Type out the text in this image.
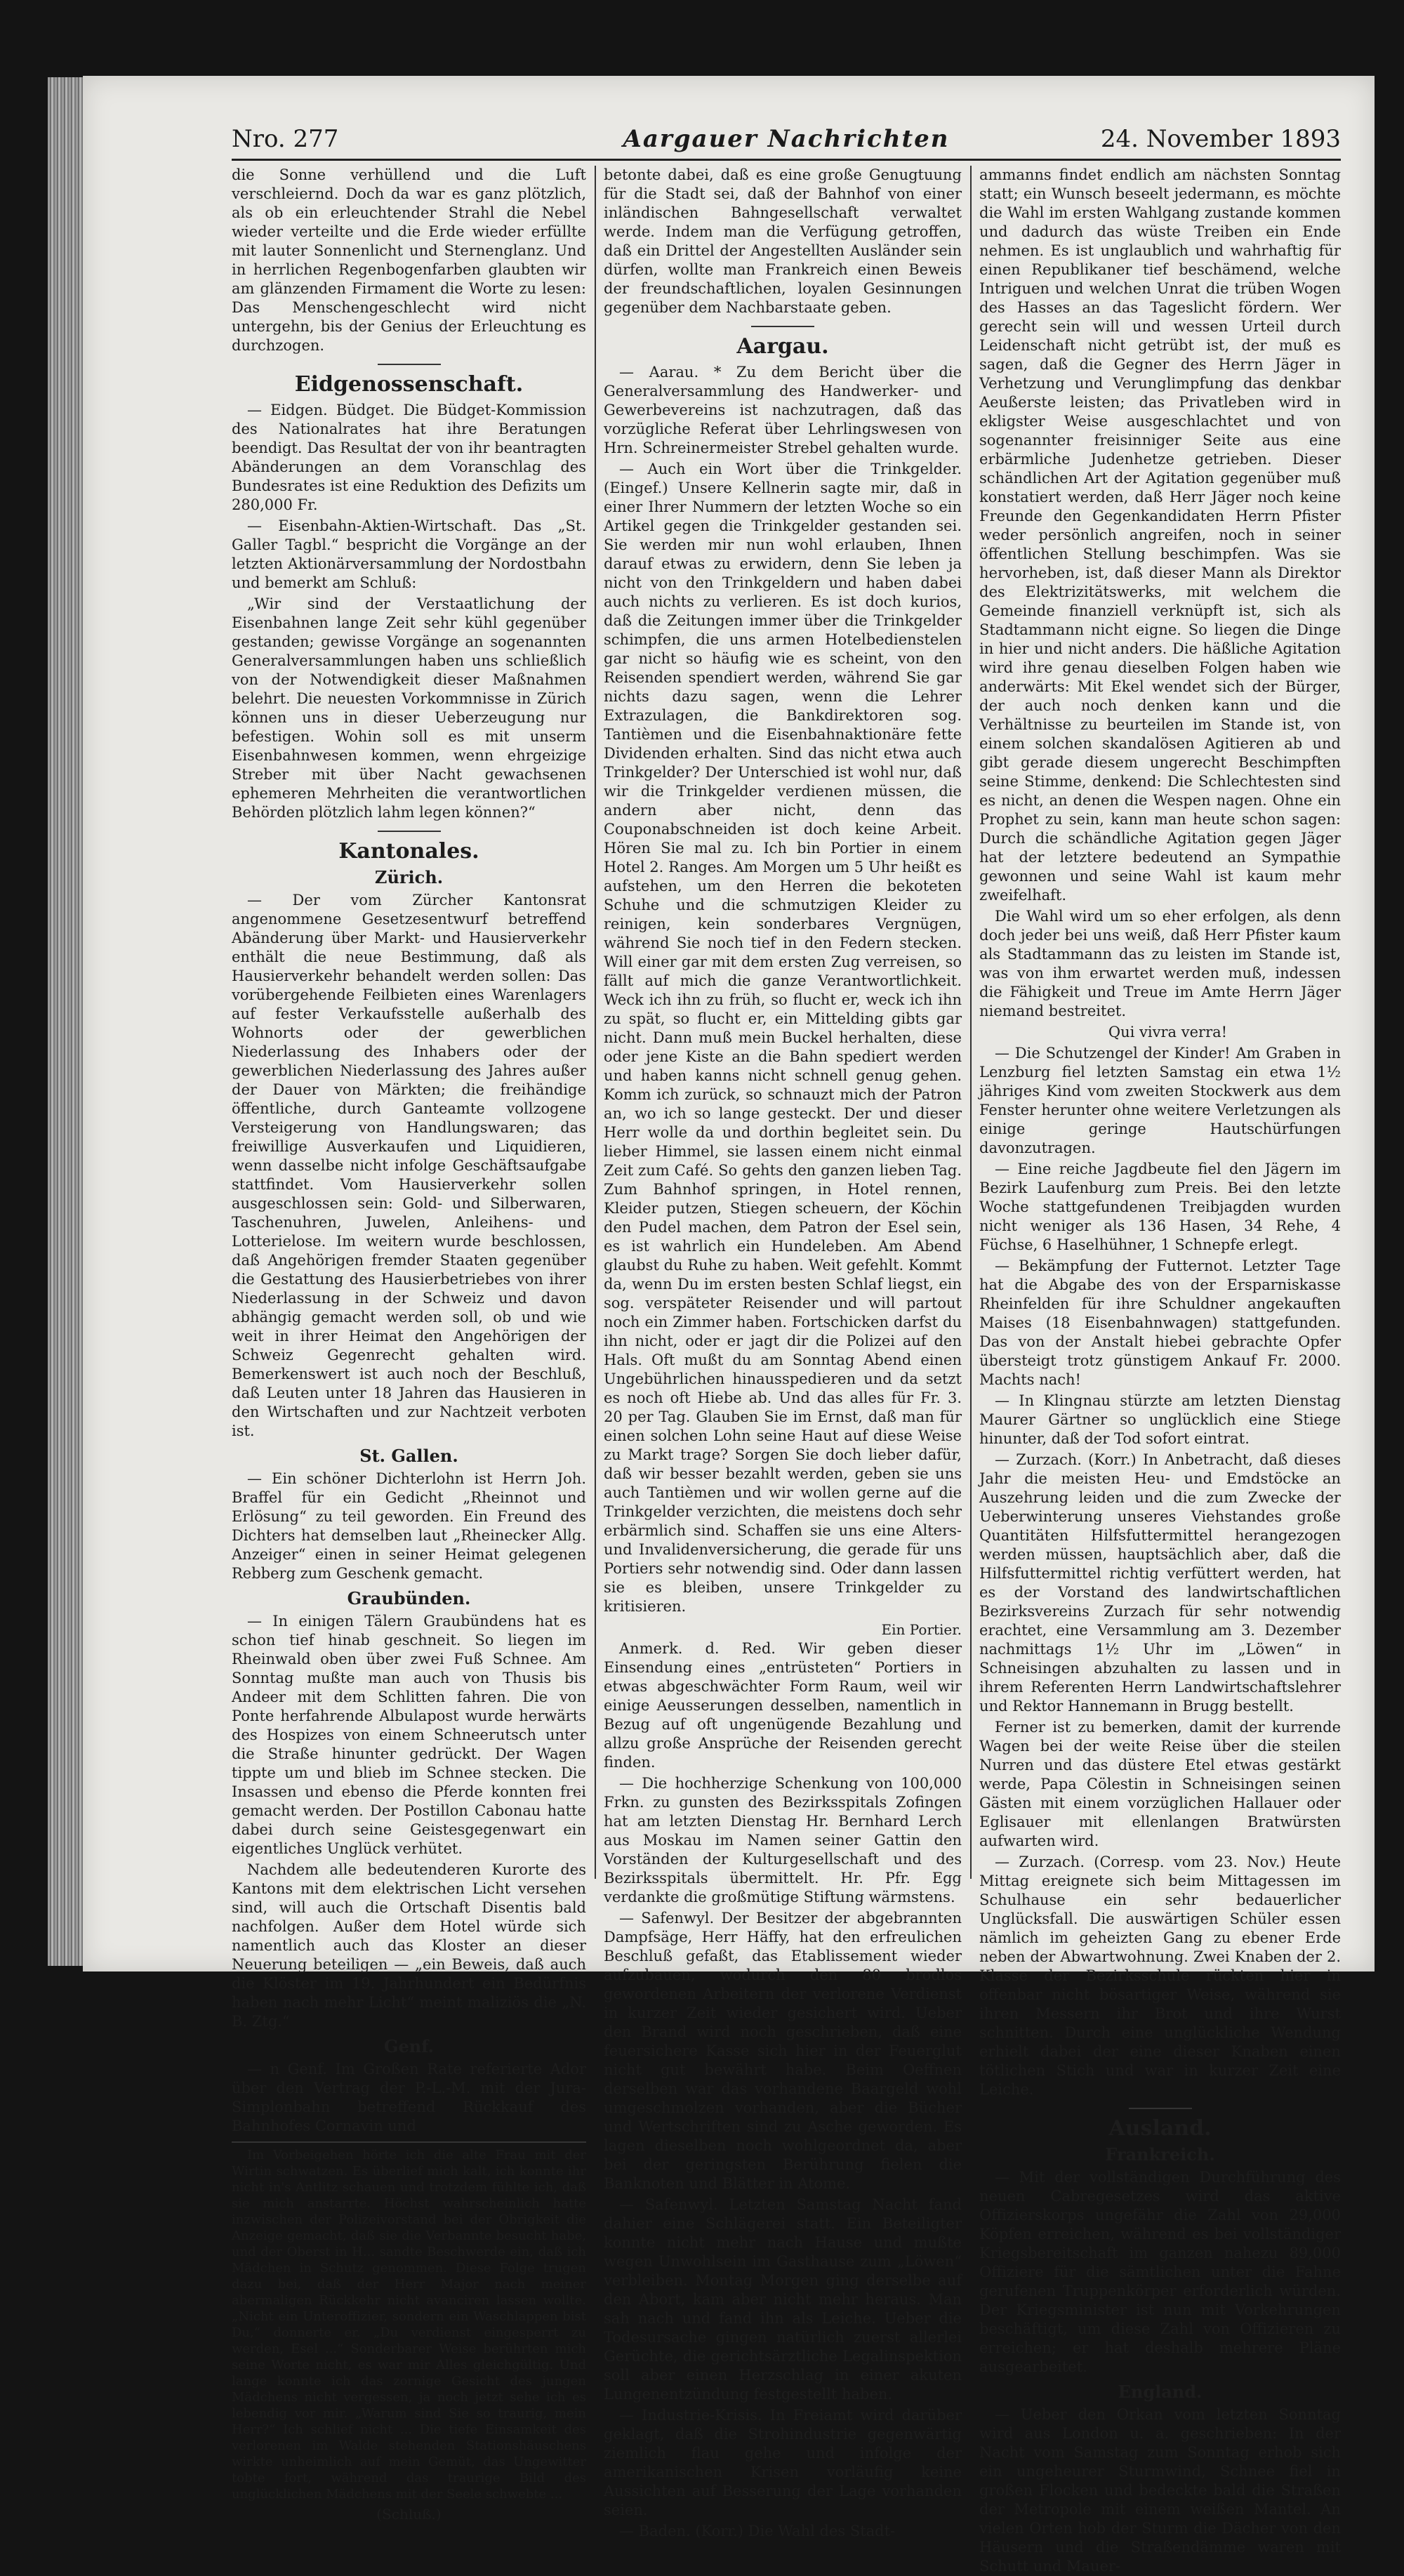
Nro. 277	Aargauer Nachrichten	24. November 1893

die Sonne verhüllend und die Luft verschleiernd. Doch da war es ganz plötzlich, als ob ein erleuchtender Strahl die Nebel wieder verteilte und die Erde wieder erfüllte mit lauter Sonnenlicht und Sternenglanz. Und in herrlichen Regenbogenfarben glaubten wir am glänzenden Firmament die Worte zu lesen: Das Menschengeschlecht wird nicht untergehn, bis der Genius der Erleuchtung es durchzogen.

Eidgenossenschaft.

— Eidgen. Büdget. Die Büdget-Kommission des Nationalrates hat ihre Beratungen beendigt. Das Resultat der von ihr beantragten Abänderungen an dem Voranschlag des Bundesrates ist eine Reduktion des Defizits um 280,000 Fr.

— Eisenbahn-Aktien-Wirtschaft. Das „St. Galler Tagbl.“ bespricht die Vorgänge an der letzten Aktionärversammlung der Nordostbahn und bemerkt am Schluß:

„Wir sind der Verstaatlichung der Eisenbahnen lange Zeit sehr kühl gegenüber gestanden; gewisse Vorgänge an sogenannten Generalversammlungen haben uns schließlich von der Notwendigkeit dieser Maßnahmen belehrt. Die neuesten Vorkommnisse in Zürich können uns in dieser Ueberzeugung nur befestigen. Wohin soll es mit unserm Eisenbahnwesen kommen, wenn ehrgeizige Streber mit über Nacht gewachsenen ephemeren Mehrheiten die verantwortlichen Behörden plötzlich lahm legen können?“

Kantonales.
Zürich.

— Der vom Zürcher Kantonsrat angenommene Gesetzesentwurf betreffend Abänderung über Markt- und Hausierverkehr enthält die neue Bestimmung, daß als Hausierverkehr behandelt werden sollen: Das vorübergehende Feilbieten eines Warenlagers auf fester Verkaufsstelle außerhalb des Wohnorts oder der gewerblichen Niederlassung des Inhabers oder der gewerblichen Niederlassung des Jahres außer der Dauer von Märkten; die freihändige öffentliche, durch Ganteamte vollzogene Versteigerung von Handlungswaren; das freiwillige Ausverkaufen und Liquidieren, wenn dasselbe nicht infolge Geschäftsaufgabe stattfindet. Vom Hausierverkehr sollen ausgeschlossen sein: Gold- und Silberwaren, Taschenuhren, Juwelen, Anleihens- und Lotterielose. Im weitern wurde beschlossen, daß Angehörigen fremder Staaten gegenüber die Gestattung des Hausierbetriebes von ihrer Niederlassung in der Schweiz und davon abhängig gemacht werden soll, ob und wie weit in ihrer Heimat den Angehörigen der Schweiz Gegenrecht gehalten wird. Bemerkenswert ist auch noch der Beschluß, daß Leuten unter 18 Jahren das Hausieren in den Wirtschaften und zur Nachtzeit verboten ist.

St. Gallen.

— Ein schöner Dichterlohn ist Herrn Joh. Braffel für ein Gedicht „Rheinnot und Erlösung“ zu teil geworden. Ein Freund des Dichters hat demselben laut „Rheinecker Allg. Anzeiger“ einen in seiner Heimat gelegenen Rebberg zum Geschenk gemacht.

Graubünden.

— In einigen Tälern Graubündens hat es schon tief hinab geschneit. So liegen im Rheinwald oben über zwei Fuß Schnee. Am Sonntag mußte man auch von Thusis bis Andeer mit dem Schlitten fahren. Die von Ponte herfahrende Albulapost wurde herwärts des Hospizes von einem Schneerutsch unter die Straße hinunter gedrückt. Der Wagen tippte um und blieb im Schnee stecken. Die Insassen und ebenso die Pferde konnten frei gemacht werden. Der Postillon Cabonau hatte dabei durch seine Geistesgegenwart ein eigentliches Unglück verhütet.

Nachdem alle bedeutenderen Kurorte des Kantons mit dem elektrischen Licht versehen sind, will auch die Ortschaft Disentis bald nachfolgen. Außer dem Hotel würde sich namentlich auch das Kloster an dieser Neuerung beteiligen — „ein Beweis, daß auch die Klöster im 19. Jahrhundert ein Bedürfnis haben nach mehr Licht“ meint maliziös die „N. B. Ztg.“

Genf.

— n Genf. Im Großen Rate referierte Ador über den Vertrag der P.-L.-M. mit der Jura-Simplonbahn betreffend Rückkauf des Bahnhofes Cornavin und

Im Vorbeigehen hörte ich die alte Frau mit der Wirtin schwatzen. Es überlief mich kalt, ich konnte ihr nicht in's Antlitz schauen und trotzdem fühlte ich, daß sie mich anstarrte. Höchst wahrscheinlich hatte inzwischen der Polizeivorstand bei der Obrigkeit die Anzeige gemacht, daß sie die Verbannte besucht habe, und der Oberst in H... sandte Beschwerde ein, daß ich Mädchen in Schutz genommen. Diese Folge trugen dazu bei, daß der Herr Major nach meiner abermaligen Rückkehr nicht avanciren lassen wollte. „Nicht ein Unteroffizier, sondern ein Waschlappen bist Du,“ donnerte er. „Du verdienst eingesperrt zu werden, Esel ...“ Sonderbarer Weise berührten mich seine Worte nicht, es war mir Alles gleichgültig. Und lange konnte ich das zornige Gesicht des jungen Mädchens nicht vergessen, ja noch jetzt sehe ich es lebendig vor mir. „Warum sind Sie so traurig, mein Herr?“ Ich schlief nicht ... Die tiefe Einsamkeit des verlorenen im Walde stehenden Stationshäuschens wirkte unheimlich auf mein Gemüt, das Ungewitter tobte fort, während das traurige Bild des unglücklichen Mädchens mit der Seele schwebte ...

(Schluß.)

betonte dabei, daß es eine große Genugtuung für die Stadt sei, daß der Bahnhof von einer inländischen Bahngesellschaft verwaltet werde. Indem man die Verfügung getroffen, daß ein Drittel der Angestellten Ausländer sein dürfen, wollte man Frankreich einen Beweis der freundschaftlichen, loyalen Gesinnungen gegenüber dem Nachbarstaate geben.

Aargau.

— Aarau. * Zu dem Bericht über die Generalversammlung des Handwerker- und Gewerbevereins ist nachzutragen, daß das vorzügliche Referat über Lehrlingswesen von Hrn. Schreinermeister Strebel gehalten wurde.

— Auch ein Wort über die Trinkgelder. (Eingef.) Unsere Kellnerin sagte mir, daß in einer Ihrer Nummern der letzten Woche so ein Artikel gegen die Trinkgelder gestanden sei. Sie werden mir nun wohl erlauben, Ihnen darauf etwas zu erwidern, denn Sie leben ja nicht von den Trinkgeldern und haben dabei auch nichts zu verlieren. Es ist doch kurios, daß die Zeitungen immer über die Trinkgelder schimpfen, die uns armen Hotelbedienstelen gar nicht so häufig wie es scheint, von den Reisenden spendiert werden, während Sie gar nichts dazu sagen, wenn die Lehrer Extrazulagen, die Bankdirektoren sog. Tantièmen und die Eisenbahnaktionäre fette Dividenden erhalten. Sind das nicht etwa auch Trinkgelder? Der Unterschied ist wohl nur, daß wir die Trinkgelder verdienen müssen, die andern aber nicht, denn das Couponabschneiden ist doch keine Arbeit. Hören Sie mal zu. Ich bin Portier in einem Hotel 2. Ranges. Am Morgen um 5 Uhr heißt es aufstehen, um den Herren die bekoteten Schuhe und die schmutzigen Kleider zu reinigen, kein sonderbares Vergnügen, während Sie noch tief in den Federn stecken. Will einer gar mit dem ersten Zug verreisen, so fällt auf mich die ganze Verantwortlichkeit. Weck ich ihn zu früh, so flucht er, weck ich ihn zu spät, so flucht er, ein Mittelding gibts gar nicht. Dann muß mein Buckel herhalten, diese oder jene Kiste an die Bahn spediert werden und haben kanns nicht schnell genug gehen. Komm ich zurück, so schnauzt mich der Patron an, wo ich so lange gesteckt. Der und dieser Herr wolle da und dorthin begleitet sein. Du lieber Himmel, sie lassen einem nicht einmal Zeit zum Café. So gehts den ganzen lieben Tag. Zum Bahnhof springen, in Hotel rennen, Kleider putzen, Stiegen scheuern, der Köchin den Pudel machen, dem Patron der Esel sein, es ist wahrlich ein Hundeleben. Am Abend glaubst du Ruhe zu haben. Weit gefehlt. Kommt da, wenn Du im ersten besten Schlaf liegst, ein sog. verspäteter Reisender und will partout noch ein Zimmer haben. Fortschicken darfst du ihn nicht, oder er jagt dir die Polizei auf den Hals. Oft mußt du am Sonntag Abend einen Ungebührlichen hinausspedieren und da setzt es noch oft Hiebe ab. Und das alles für Fr. 3. 20 per Tag. Glauben Sie im Ernst, daß man für einen solchen Lohn seine Haut auf diese Weise zu Markt trage? Sorgen Sie doch lieber dafür, daß wir besser bezahlt werden, geben sie uns auch Tantièmen und wir wollen gerne auf die Trinkgelder verzichten, die meistens doch sehr erbärmlich sind. Schaffen sie uns eine Alters- und Invalidenversicherung, die gerade für uns Portiers sehr notwendig sind. Oder dann lassen sie es bleiben, unsere Trinkgelder zu kritisieren.

Ein Portier.

Anmerk. d. Red. Wir geben dieser Einsendung eines „entrüsteten“ Portiers in etwas abgeschwächter Form Raum, weil wir einige Aeusserungen desselben, namentlich in Bezug auf oft ungenügende Bezahlung und allzu große Ansprüche der Reisenden gerecht finden.

— Die hochherzige Schenkung von 100,000 Frkn. zu gunsten des Bezirksspitals Zofingen hat am letzten Dienstag Hr. Bernhard Lerch aus Moskau im Namen seiner Gattin den Vorständen der Kulturgesellschaft und des Bezirksspitals übermittelt. Hr. Pfr. Egg verdankte die großmütige Stiftung wärmstens.

— Safenwyl. Der Besitzer der abgebrannten Dampfsäge, Herr Häffy, hat den erfreulichen Beschluß gefaßt, das Etablissement wieder aufzubauen, wodurch den 80 brodlos gewordenen Arbeitern der verlorene Verdienst in kurzer Zeit wieder gesichert wird. Ueber den Brand wird noch geschrieben, daß eine feuersichere Kasse sich hier in der Feuerglut nicht gut bewährt habe. Beim Oeffnen derselben war das vorhandene Baargeld wohl umgeschmolzen vorhanden, aber die Bücher und Wertschriften sind zu Asche geworden. Es lagen dieselben noch wohlgeordnet da, aber bei der geringsten Berührung fielen die Banknoten und Blätter in Atome.

— Safenwyl. Letzten Samstag Nacht fand dahier eine Schlägerei statt. Ein Beteiligter konnte nicht mehr nach Hause und mußte wegen Unwohlsein im Gasthause zum „Löwen“ verbleiben. Montag Morgen ging derselbe auf den Abort, kam aber nicht mehr heraus. Man sah nach und fand ihn als Leiche. Ueber die Todesursache gingen natürlich zuerst allerlei Gerüchte, die gerichtsärztliche Legalinspektion soll aber einen Herzschlag in einer akuten Lungenentzündung festgestellt haben.

— Industrie-Krisis. In Freiamt wird darüber geklagt, daß die Strohindustrie gegenwärtig ziemlich flau gehe und infolge der amerikanischen Krisen vorläufig keine Aussichten auf Besserung der Lage vorhanden seien.

— Baden. (Korr.) Die Wahl des Stadt-

ammanns findet endlich am nächsten Sonntag statt; ein Wunsch beseelt jedermann, es möchte die Wahl im ersten Wahlgang zustande kommen und dadurch das wüste Treiben ein Ende nehmen. Es ist unglaublich und wahrhaftig für einen Republikaner tief beschämend, welche Intriguen und welchen Unrat die trüben Wogen des Hasses an das Tageslicht fördern. Wer gerecht sein will und wessen Urteil durch Leidenschaft nicht getrübt ist, der muß es sagen, daß die Gegner des Herrn Jäger in Verhetzung und Verunglimpfung das denkbar Aeußerste leisten; das Privatleben wird in ekligster Weise ausgeschlachtet und von sogenannter freisinniger Seite aus eine erbärmliche Judenhetze getrieben. Dieser schändlichen Art der Agitation gegenüber muß konstatiert werden, daß Herr Jäger noch keine Freunde den Gegenkandidaten Herrn Pfister weder persönlich angreifen, noch in seiner öffentlichen Stellung beschimpfen. Was sie hervorheben, ist, daß dieser Mann als Direktor des Elektrizitätswerks, mit welchem die Gemeinde finanziell verknüpft ist, sich als Stadtammann nicht eigne. So liegen die Dinge in hier und nicht anders. Die häßliche Agitation wird ihre genau dieselben Folgen haben wie anderwärts: Mit Ekel wendet sich der Bürger, der auch noch denken kann und die Verhältnisse zu beurteilen im Stande ist, von einem solchen skandalösen Agitieren ab und gibt gerade diesem ungerecht Beschimpften seine Stimme, denkend: Die Schlechtesten sind es nicht, an denen die Wespen nagen. Ohne ein Prophet zu sein, kann man heute schon sagen: Durch die schändliche Agitation gegen Jäger hat der letztere bedeutend an Sympathie gewonnen und seine Wahl ist kaum mehr zweifelhaft.

Die Wahl wird um so eher erfolgen, als denn doch jeder bei uns weiß, daß Herr Pfister kaum als Stadtammann das zu leisten im Stande ist, was von ihm erwartet werden muß, indessen die Fähigkeit und Treue im Amte Herrn Jäger niemand bestreitet.

Qui vivra verra!

— Die Schutzengel der Kinder! Am Graben in Lenzburg fiel letzten Samstag ein etwa 1½ jähriges Kind vom zweiten Stockwerk aus dem Fenster herunter ohne weitere Verletzungen als einige geringe Hautschürfungen davonzutragen.

— Eine reiche Jagdbeute fiel den Jägern im Bezirk Laufenburg zum Preis. Bei den letzte Woche stattgefundenen Treibjagden wurden nicht weniger als 136 Hasen, 34 Rehe, 4 Füchse, 6 Haselhühner, 1 Schnepfe erlegt.

— Bekämpfung der Futternot. Letzter Tage hat die Abgabe des von der Ersparniskasse Rheinfelden für ihre Schuldner angekauften Maises (18 Eisenbahnwagen) stattgefunden. Das von der Anstalt hiebei gebrachte Opfer übersteigt trotz günstigem Ankauf Fr. 2000. Machts nach!

— In Klingnau stürzte am letzten Dienstag Maurer Gärtner so unglücklich eine Stiege hinunter, daß der Tod sofort eintrat.

— Zurzach. (Korr.) In Anbetracht, daß dieses Jahr die meisten Heu- und Emdstöcke an Auszehrung leiden und die zum Zwecke der Ueberwinterung unseres Viehstandes große Quantitäten Hilfsfuttermittel herangezogen werden müssen, hauptsächlich aber, daß die Hilfsfuttermittel richtig verfüttert werden, hat es der Vorstand des landwirtschaftlichen Bezirksvereins Zurzach für sehr notwendig erachtet, eine Versammlung am 3. Dezember nachmittags 1½ Uhr im „Löwen“ in Schneisingen abzuhalten zu lassen und in ihrem Referenten Herrn Landwirtschaftslehrer und Rektor Hannemann in Brugg bestellt.

Ferner ist zu bemerken, damit der kurrende Wagen bei der weite Reise über die steilen Nurren und das düstere Etel etwas gestärkt werde, Papa Cölestin in Schneisingen seinen Gästen mit einem vorzüglichen Hallauer oder Eglisauer mit ellenlangen Bratwürsten aufwarten wird.

— Zurzach. (Corresp. vom 23. Nov.) Heute Mittag ereignete sich beim Mittagessen im Schulhause ein sehr bedauerlicher Unglücksfall. Die auswärtigen Schüler essen nämlich im geheizten Gang zu ebener Erde neben der Abwartwohnung. Zwei Knaben der 2. Klasse der Bezirksschule rückten hier in offenbar nicht bösartiger Weise, während sie ihren Messern ihr Brot und ihre Wurst schnitten. Durch eine unglückliche Wendung erhielt dabei der eine dieser Knaben einen tötlichen Stich und war in kurzer Zeit eine Leiche.

Ausland.
Frankreich.

— Mit der vollständigen Durchführung des neuen Cabregesetzes wird das aktive Offizierskorps ungefähr die Zahl von 29,000 Köpfen erreichen, während es bei vollständiger Kriegsbereitschaft im ganzen nahezu 89,000 Offiziere für die sämtlichen unter die Fahne gerufenen Truppenkörper erforderlich würden. Der Kriegsminister ist nun mit Vorkehrungen beschäftigt, um diese Zahl von Offizieren zu erreichen; er hat deshalb mehrere Pläne ausgearbeitet.

England.

— Ueber den Orkan vom letzten Sonntag wird aus London u. a. geschrieben: In der Nacht vom Samstag zum Sonntag erhob sich ein ungeheurer Sturmwind, Schnee fiel in großen Flocken und bedeckte bald die Straßen der Metropole mit einem weißen Mantel. An vielen Orten hob der Sturm die Dächer von den Häusern und die Straßendämme waren mit Schutt und Mauer-
